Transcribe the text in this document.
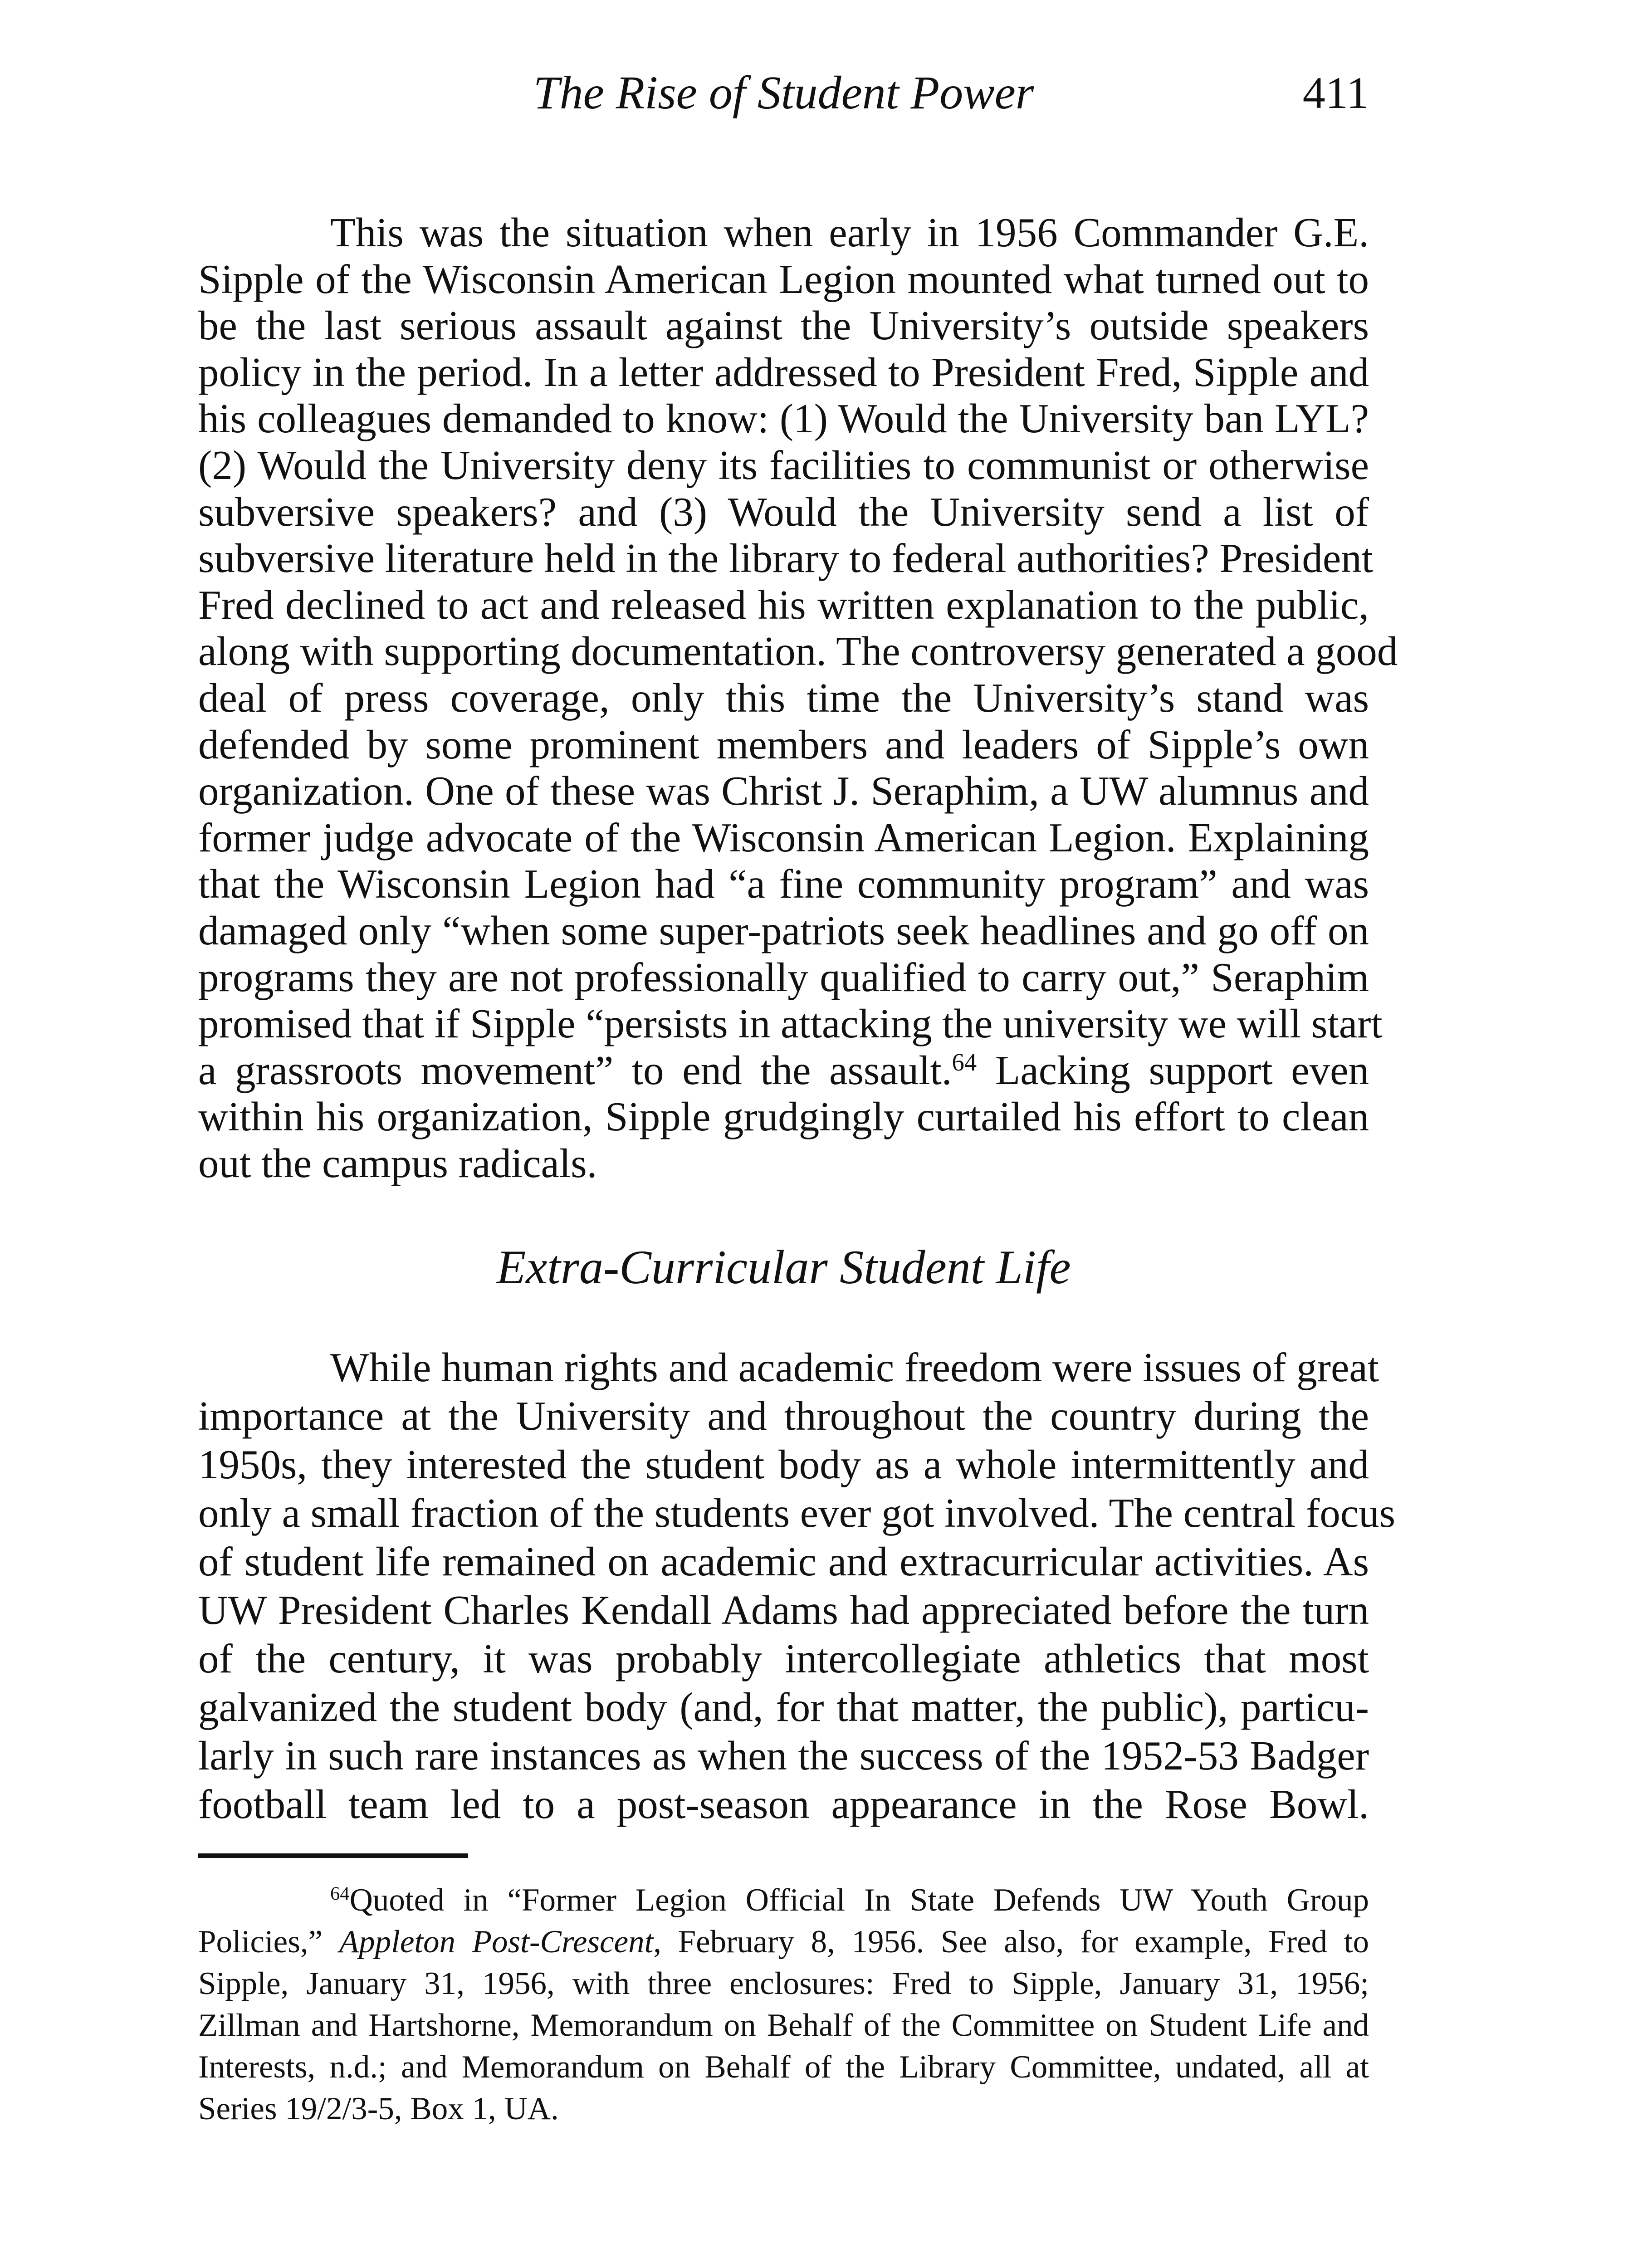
The Rise of Student Power	411
This was the situation when early in 1956 Commander G.E.
Sipple of the Wisconsin American Legion mounted what turned out to
be the last serious assault against the University’s outside speakers
policy in the period. In a letter addressed to President Fred, Sipple and
his colleagues demanded to know: (1) Would the University ban LYL?
(2) Would the University deny its facilities to communist or otherwise
subversive speakers? and (3) Would the University send a list of
subversive literature held in the library to federal authorities? President
Fred declined to act and released his written explanation to the public,
along with supporting documentation. The controversy generated a good
deal of press coverage, only this time the University’s stand was
defended by some prominent members and leaders of Sipple’s own
organization. One of these was Christ J. Seraphim, a UW alumnus and
former judge advocate of the Wisconsin American Legion. Explaining
that the Wisconsin Legion had “a fine community program” and was
damaged only “when some super-patriots seek headlines and go off on
programs they are not professionally qualified to carry out,” Seraphim
promised that if Sipple “persists in attacking the university we will start
a grassroots movement” to end the assault.$^{64}$ Lacking support even
within his organization, Sipple grudgingly curtailed his effort to clean
out the campus radicals.
Extra-Curricular Student Life
While human rights and academic freedom were issues of great
importance at the University and throughout the country during the
1950s, they interested the student body as a whole intermittently and
only a small fraction of the students ever got involved. The central focus
of student life remained on academic and extracurricular activities. As
UW President Charles Kendall Adams had appreciated before the turn
of the century, it was probably intercollegiate athletics that most
galvanized the student body (and, for that matter, the public), particu-
larly in such rare instances as when the success of the 1952-53 Badger
football team led to a post-season appearance in the Rose Bowl.
$^{64}$Quoted in “Former Legion Official In State Defends UW Youth Group
Policies,” Appleton Post-Crescent, February 8, 1956. See also, for example, Fred to
Sipple, January 31, 1956, with three enclosures: Fred to Sipple, January 31, 1956;
Zillman and Hartshorne, Memorandum on Behalf of the Committee on Student Life and
Interests, n.d.; and Memorandum on Behalf of the Library Committee, undated, all at
Series 19/2/3-5, Box 1, UA.
